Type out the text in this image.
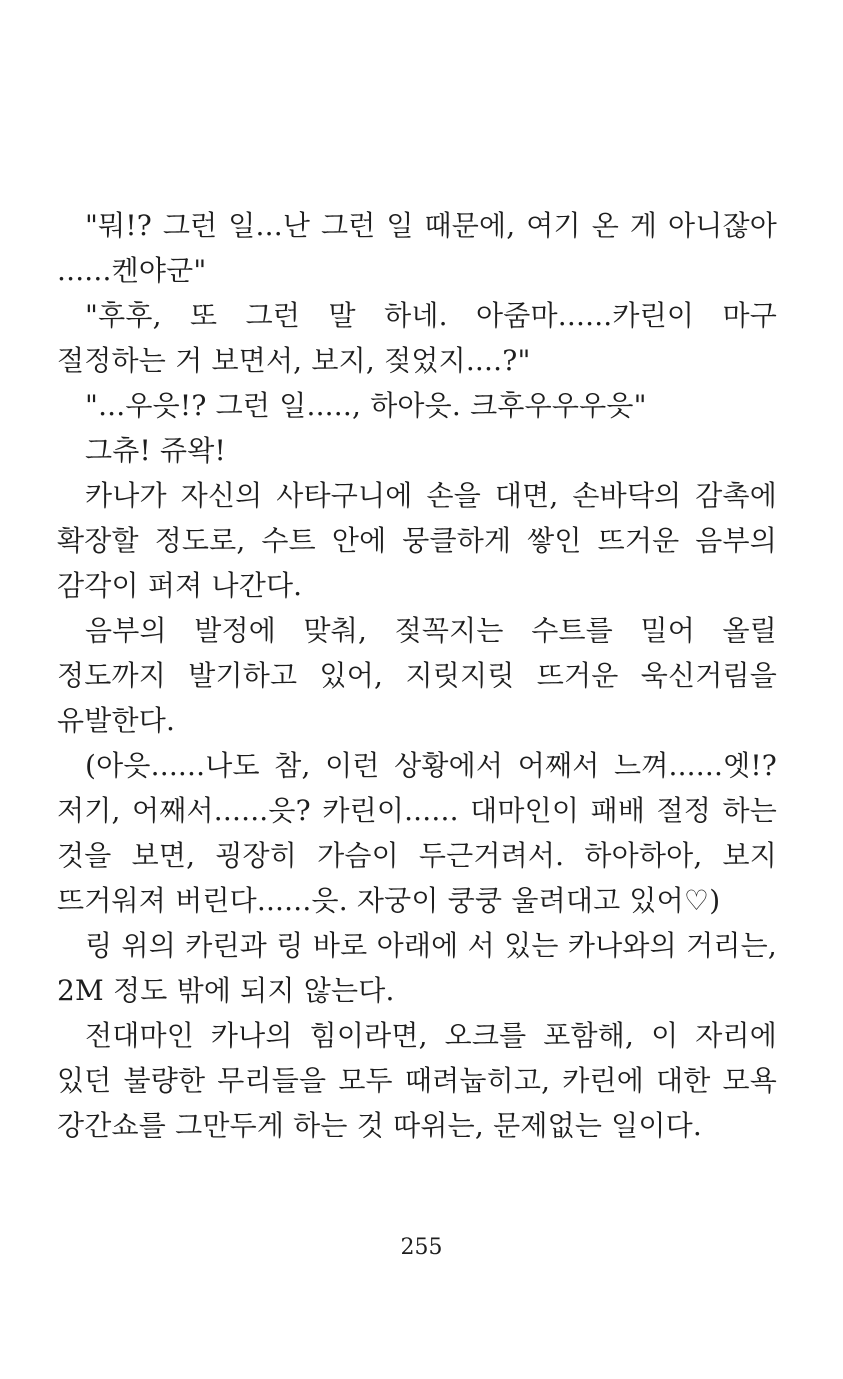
"뭐!? 그런 일...난 그런 일 때문에, 여기 온 게 아니잖아 ......켄야군"

"후후, 또 그런 말 하네. 아줌마......카린이 마구 절정하는 거 보면서, 보지, 젖었지....?"

"...우읏!? 그런 일....., 하아읏. 크후우우우읏"

그츄! 쥬왁!

카나가 자신의 사타구니에 손을 대면, 손바닥의 감촉에 확장할 정도로, 수트 안에 뭉클하게 쌓인 뜨거운 음부의 감각이 퍼져 나간다.

음부의 발정에 맞춰, 젖꼭지는 수트를 밀어 올릴 정도까지 발기하고 있어, 지릿지릿 뜨거운 욱신거림을 유발한다.

(아읏......나도 참, 이런 상황에서 어째서 느껴......엣!? 저기, 어째서......읏? 카린이...... 대마인이 패배 절정 하는 것을 보면, 굉장히 가슴이 두근거려서. 하아하아, 보지 뜨거워져 버린다......읏. 자궁이 쿵쿵 울려대고 있어♡)

링 위의 카린과 링 바로 아래에 서 있는 카나와의 거리는, 2M 정도 밖에 되지 않는다.

전대마인 카나의 힘이라면, 오크를 포함해, 이 자리에 있던 불량한 무리들을 모두 때려눕히고, 카린에 대한 모욕 강간쇼를 그만두게 하는 것 따위는, 문제없는 일이다.

255
